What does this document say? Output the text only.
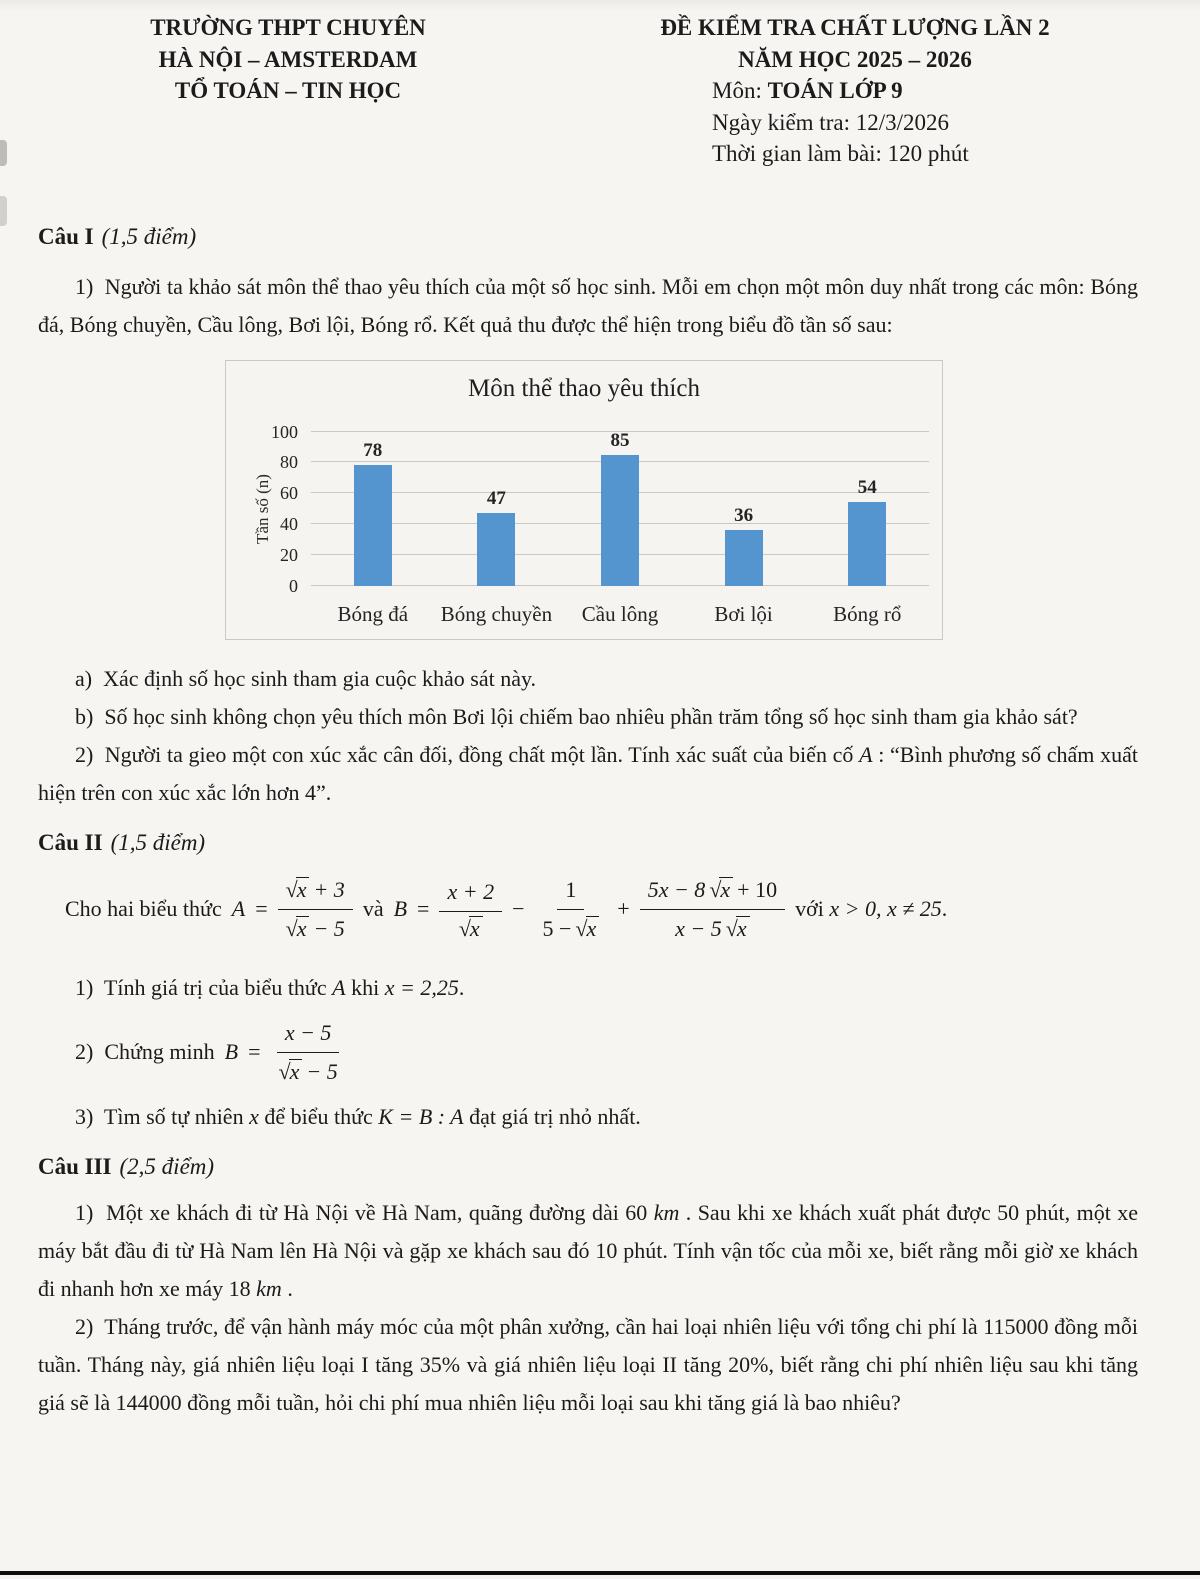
TRƯỜNG THPT CHUYÊN
HÀ NỘI – AMSTERDAM
TỔ TOÁN – TIN HỌC
ĐỀ KIỂM TRA CHẤT LƯỢNG LẦN 2
NĂM HỌC 2025 – 2026
Môn: TOÁN LỚP 9
Ngày kiểm tra: 12/3/2026
Thời gian làm bài: 120 phút
Câu I (1,5 điểm)

1)  Người ta khảo sát môn thể thao yêu thích của một số học sinh. Mỗi em chọn một môn duy nhất trong các môn: Bóng đá, Bóng chuyền, Cầu lông, Bơi lội, Bóng rổ. Kết quả thu được thể hiện trong biểu đồ tần số sau:

Môn thể thao yêu thích
Tần số (n)
0
20
40
60
80
100
78
47
85
36
54
Bóng đá Bóng chuyền Cầu lông	Bơi lội	Bóng rổ

a)  Xác định số học sinh tham gia cuộc khảo sát này.

b)  Số học sinh không chọn yêu thích môn Bơi lội chiếm bao nhiêu phần trăm tổng số học sinh tham gia khảo sát?

2)  Người ta gieo một con xúc xắc cân đối, đồng chất một lần. Tính xác suất của biến cố A : “Bình phương số chấm xuất hiện trên con xúc xắc lớn hơn 4”.

Câu II (1,5 điểm)
Cho hai biểu thức $A = \frac{√ x + 3}{√ x - 5}$ và $B = \frac{x + 2}{√ x} - \frac{1}{5 - √ x} + \frac{5x - 8 √ x + 10}{x - 5 √ x}$ với x > 0, x ≠ 25.

1)  Tính giá trị của biểu thức A khi x = 2,25.

2)  Chứng minh $B = \frac{x - 5}{√ x - 5}$

3)  Tìm số tự nhiên x để biểu thức K = B : A đạt giá trị nhỏ nhất.

Câu III (2,5 điểm)

1)  Một xe khách đi từ Hà Nội về Hà Nam, quãng đường dài 60 km . Sau khi xe khách xuất phát được 50 phút, một xe máy bắt đầu đi từ Hà Nam lên Hà Nội và gặp xe khách sau đó 10 phút. Tính vận tốc của mỗi xe, biết rằng mỗi giờ xe khách đi nhanh hơn xe máy 18 km .

2)  Tháng trước, để vận hành máy móc của một phân xưởng, cần hai loại nhiên liệu với tổng chi phí là 115000 đồng mỗi tuần. Tháng này, giá nhiên liệu loại I tăng 35% và giá nhiên liệu loại II tăng 20%, biết rằng chi phí nhiên liệu sau khi tăng giá sẽ là 144000 đồng mỗi tuần, hỏi chi phí mua nhiên liệu mỗi loại sau khi tăng giá là bao nhiêu?
